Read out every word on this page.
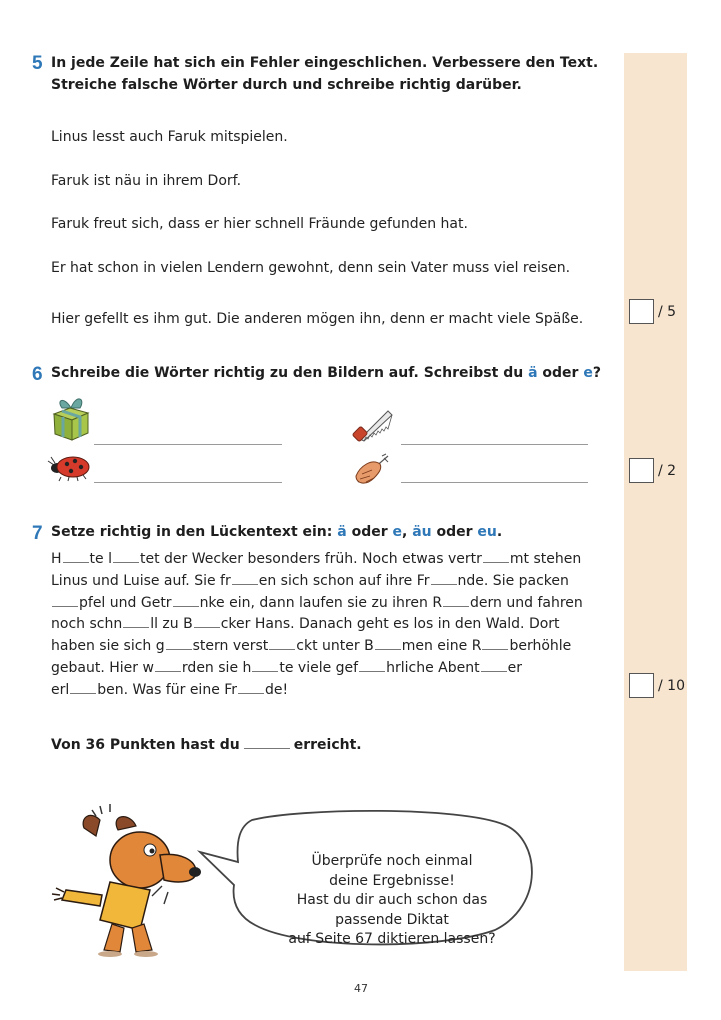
5 In jede Zeile hat sich ein Fehler eingeschlichen. Verbessere den Text.
Streiche falsche Wörter durch und schreibe richtig darüber.
Linus lesst auch Faruk mitspielen.
Faruk ist näu in ihrem Dorf.
Faruk freut sich, dass er hier schnell Fräunde gefunden hat.
Er hat schon in vielen Lendern gewohnt, denn sein Vater muss viel reisen.
Hier gefellt es ihm gut. Die anderen mögen ihn, denn er macht viele Späße.	/ 5
6 Schreibe die Wörter richtig zu den Bildern auf. Schreibst du ä oder e?
/ 2
7 Setze richtig in den Lückentext ein: ä oder e, äu oder eu.
H te l tet der Wecker besonders früh. Noch etwas vertr mt stehen
Linus und Luise auf. Sie fr en sich schon auf ihre Fr nde. Sie packen
pfel und Getr nke ein, dann laufen sie zu ihren R dern und fahren
noch schn ll zu B cker Hans. Danach geht es los in den Wald. Dort
haben sie sich g stern verst ckt unter B men eine R berhöhle
gebaut. Hier w rden sie h te viele gef hrliche Abent er
erl ben. Was für eine Fr de!	/ 10
Von 36 Punkten hast du	erreicht.
Überprüfe noch einmal
deine Ergebnisse!
Hast du dir auch schon das passende Diktat
auf Seite 67 diktieren lassen?
47
